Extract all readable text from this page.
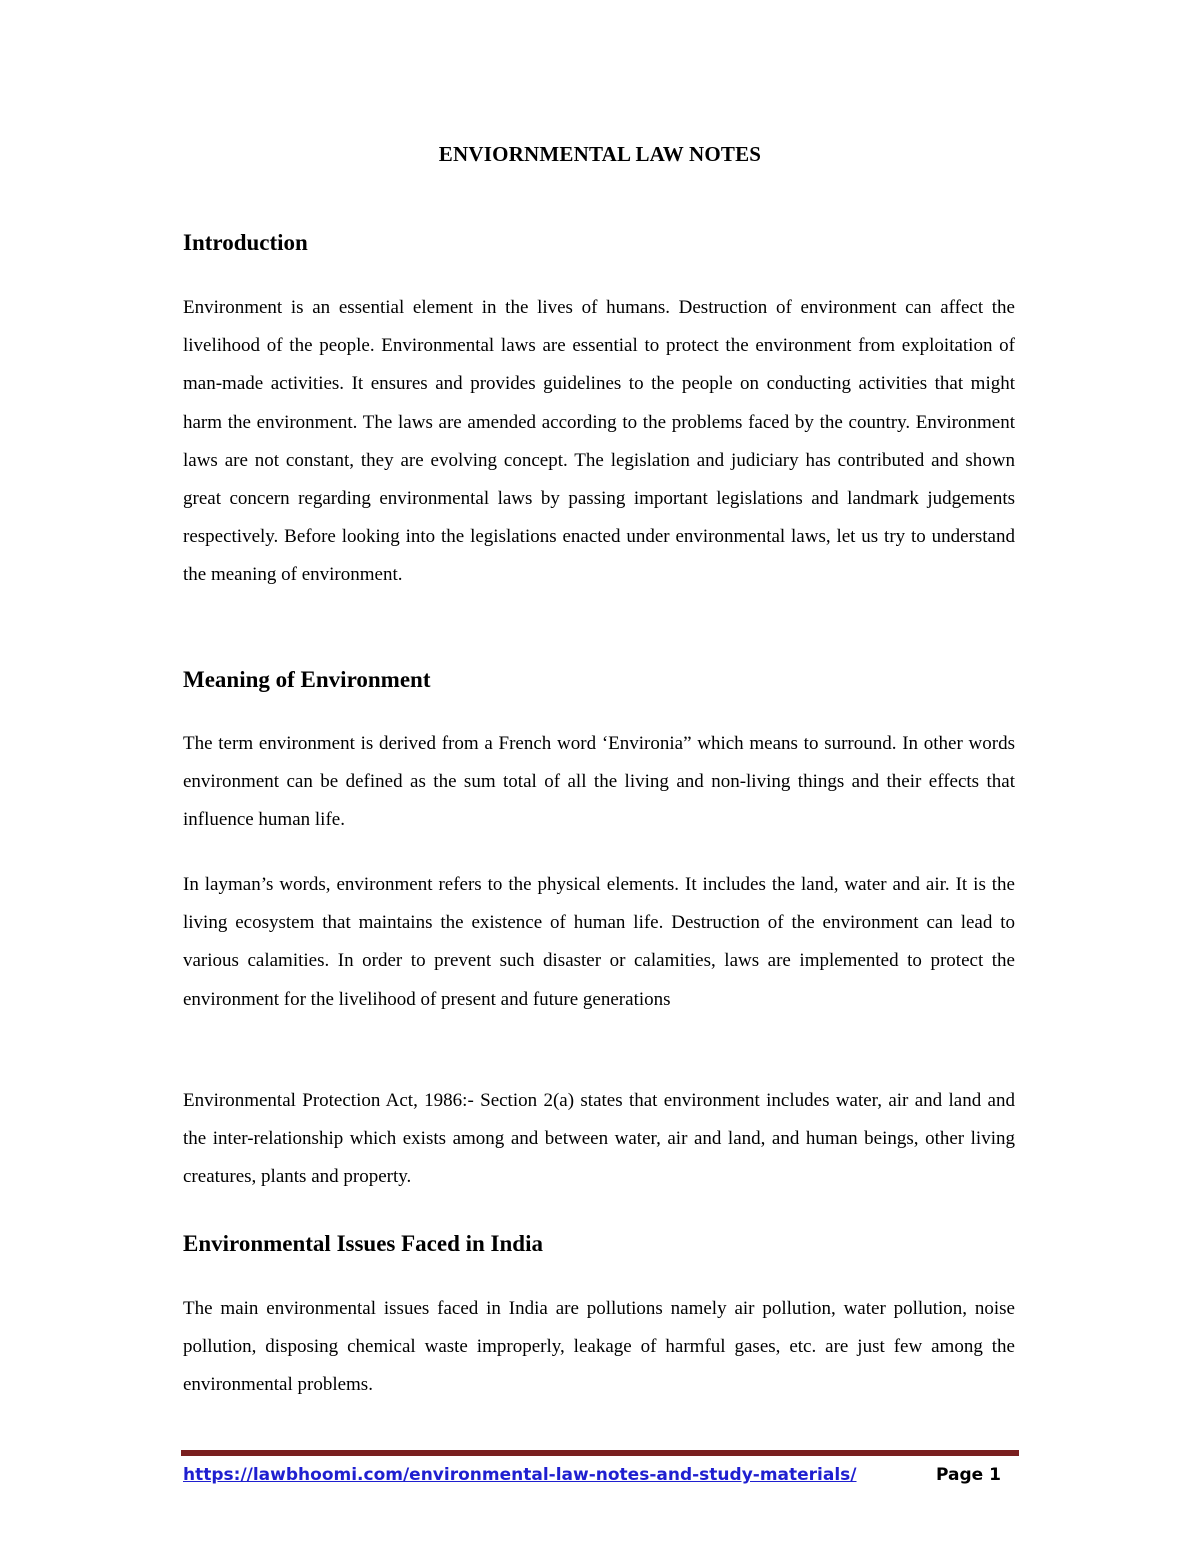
ENVIORNMENTAL LAW NOTES
Introduction

Environment is an essential element in the lives of humans. Destruction of environment can affect the livelihood of the people. Environmental laws are essential to protect the environment from exploitation of man-made activities. It ensures and provides guidelines to the people on conducting activities that might harm the environment. The laws are amended according to the problems faced by the country. Environment laws are not constant, they are evolving concept. The legislation and judiciary has contributed and shown great concern regarding environmental laws by passing important legislations and landmark judgements respectively. Before looking into the legislations enacted under environmental laws, let us try to understand the meaning of environment.

Meaning of Environment

The term environment is derived from a French word ‘Environia” which means to surround. In other words environment can be defined as the sum total of all the living and non-living things and their effects that influence human life.

In layman’s words, environment refers to the physical elements. It includes the land, water and air. It is the living ecosystem that maintains the existence of human life. Destruction of the environment can lead to various calamities. In order to prevent such disaster or calamities, laws are implemented to protect the environment for the livelihood of present and future generations

Environmental Protection Act, 1986:- Section 2(a) states that environment includes water, air and land and the inter-relationship which exists among and between water, air and land, and human beings, other living creatures, plants and property.

Environmental Issues Faced in India

The main environmental issues faced in India are pollutions namely air pollution, water pollution, noise pollution, disposing chemical waste improperly, leakage of harmful gases, etc. are just few among the environmental problems.

https://lawbhoomi.com/environmental-law-notes-and-study-materials/	Page 1
